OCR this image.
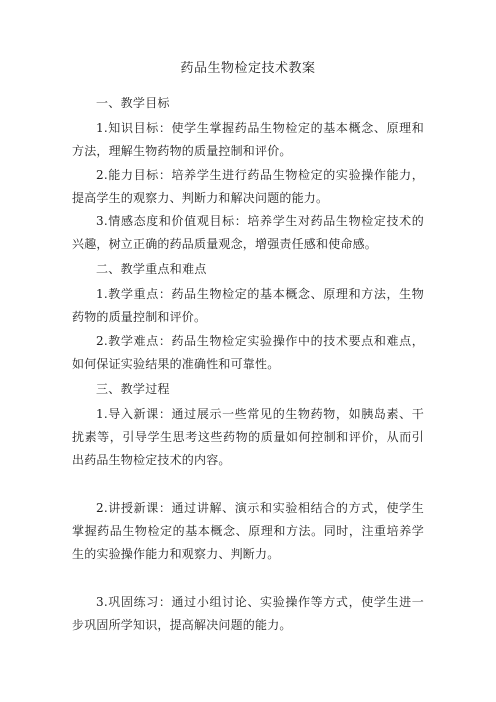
药品生物检定技术教案
一、教学目标
1.知识目标：使学生掌握药品生物检定的基本概念、原理和方法，理解生物药物的质量控制和评价。
2.能力目标：培养学生进行药品生物检定的实验操作能力，提高学生的观察力、判断力和解决问题的能力。
3.情感态度和价值观目标：培养学生对药品生物检定技术的兴趣，树立正确的药品质量观念，增强责任感和使命感。
二、教学重点和难点
1.教学重点：药品生物检定的基本概念、原理和方法，生物药物的质量控制和评价。
2.教学难点：药品生物检定实验操作中的技术要点和难点，如何保证实验结果的准确性和可靠性。
三、教学过程
1.导入新课：通过展示一些常见的生物药物，如胰岛素、干扰素等，引导学生思考这些药物的质量如何控制和评价，从而引出药品生物检定技术的内容。
2.讲授新课：通过讲解、演示和实验相结合的方式，使学生掌握药品生物检定的基本概念、原理和方法。同时，注重培养学生的实验操作能力和观察力、判断力。
3.巩固练习：通过小组讨论、实验操作等方式，使学生进一步巩固所学知识，提高解决问题的能力。
